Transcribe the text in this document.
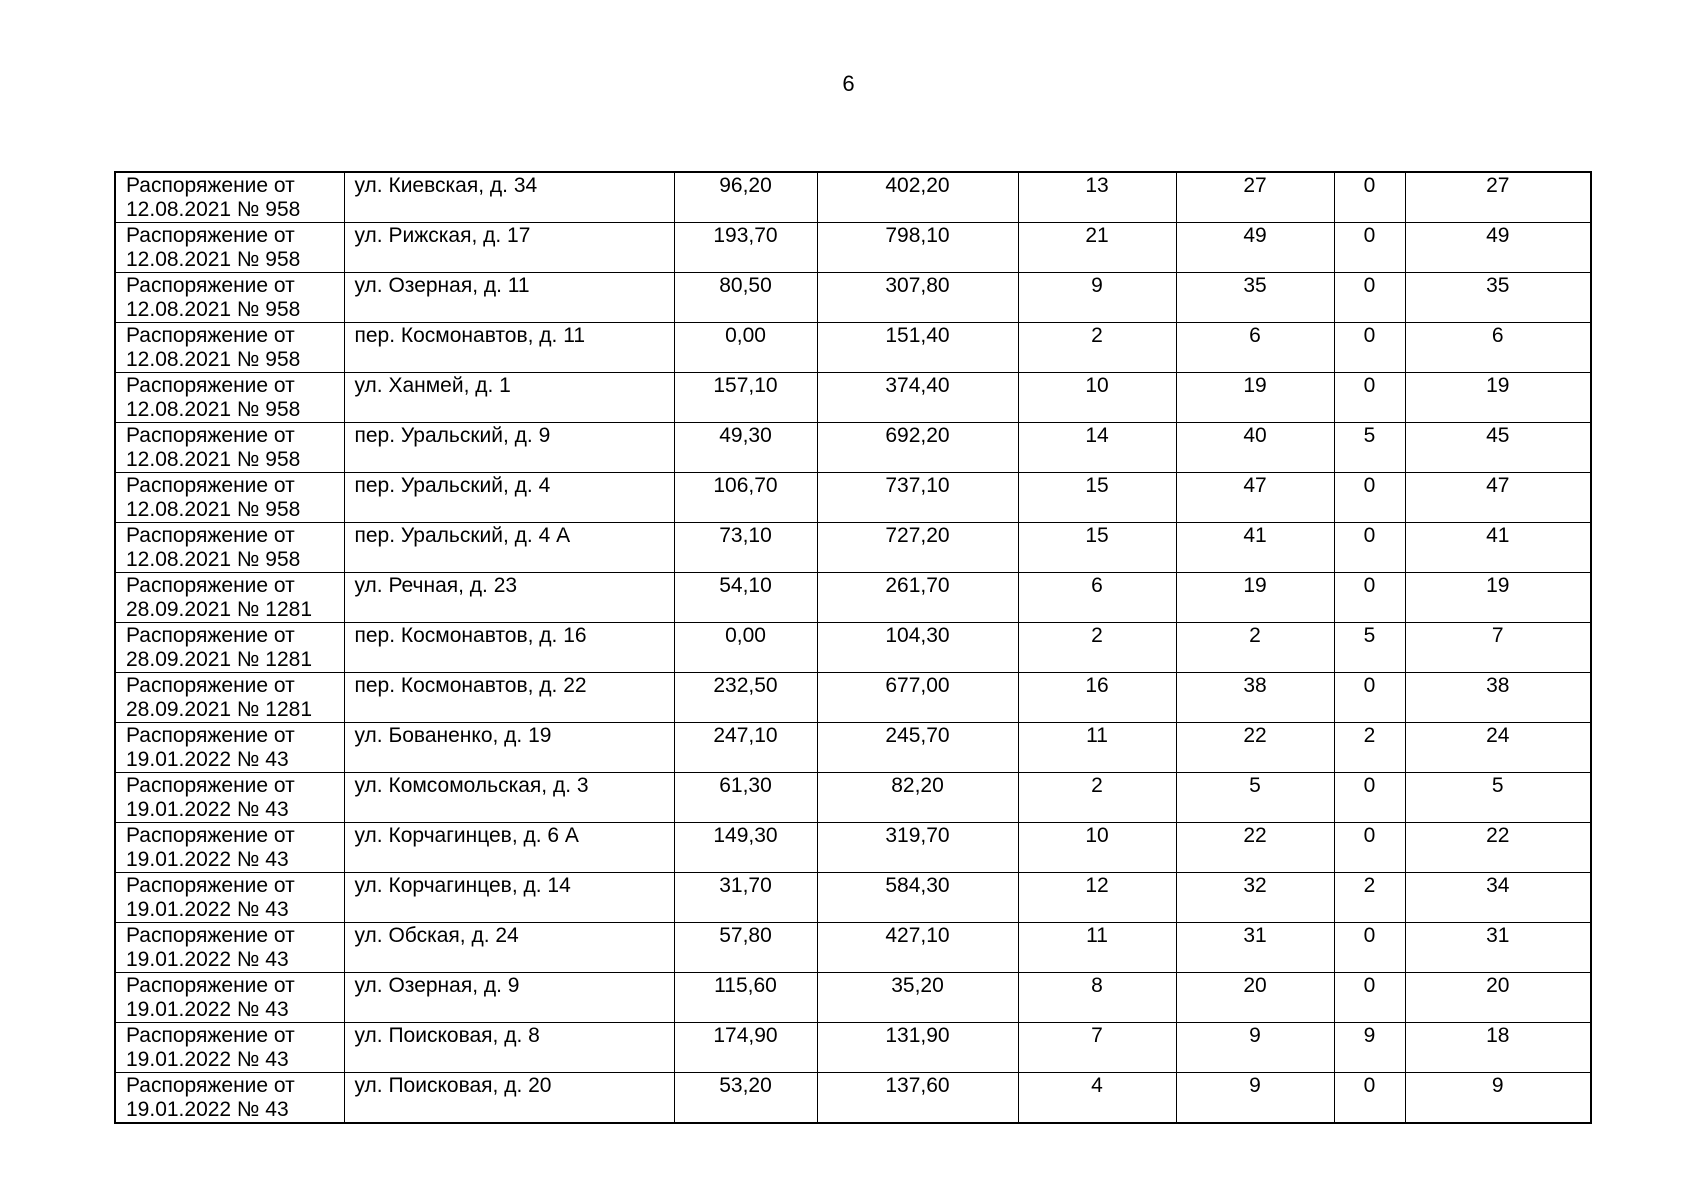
6
Распоряжение от 12.08.2021 № 958	ул. Киевская, д. 34	96,20	402,20	13	27	0	27
Распоряжение от 12.08.2021 № 958	ул. Рижская, д. 17	193,70	798,10	21	49	0	49
Распоряжение от 12.08.2021 № 958	ул. Озерная, д. 11	80,50	307,80	9	35	0	35
Распоряжение от 12.08.2021 № 958	пер. Космонавтов, д. 11	0,00	151,40	2	6	0	6
Распоряжение от 12.08.2021 № 958	ул. Ханмей, д. 1	157,10	374,40	10	19	0	19
Распоряжение от 12.08.2021 № 958	пер. Уральский, д. 9	49,30	692,20	14	40	5	45
Распоряжение от 12.08.2021 № 958	пер. Уральский, д. 4	106,70	737,10	15	47	0	47
Распоряжение от 12.08.2021 № 958	пер. Уральский, д. 4 А	73,10	727,20	15	41	0	41
Распоряжение от 28.09.2021 № 1281	ул. Речная, д. 23	54,10	261,70	6	19	0	19
Распоряжение от 28.09.2021 № 1281	пер. Космонавтов, д. 16	0,00	104,30	2	2	5	7
Распоряжение от 28.09.2021 № 1281	пер. Космонавтов, д. 22	232,50	677,00	16	38	0	38
Распоряжение от 19.01.2022 № 43	ул. Бованенко, д. 19	247,10	245,70	11	22	2	24
Распоряжение от 19.01.2022 № 43	ул. Комсомольская, д. 3	61,30	82,20	2	5	0	5
Распоряжение от 19.01.2022 № 43	ул. Корчагинцев, д. 6 А	149,30	319,70	10	22	0	22
Распоряжение от 19.01.2022 № 43	ул. Корчагинцев, д. 14	31,70	584,30	12	32	2	34
Распоряжение от 19.01.2022 № 43	ул. Обская, д. 24	57,80	427,10	11	31	0	31
Распоряжение от 19.01.2022 № 43	ул. Озерная, д. 9	115,60	35,20	8	20	0	20
Распоряжение от 19.01.2022 № 43	ул. Поисковая, д. 8	174,90	131,90	7	9	9	18
Распоряжение от 19.01.2022 № 43	ул. Поисковая, д. 20	53,20	137,60	4	9	0	9
